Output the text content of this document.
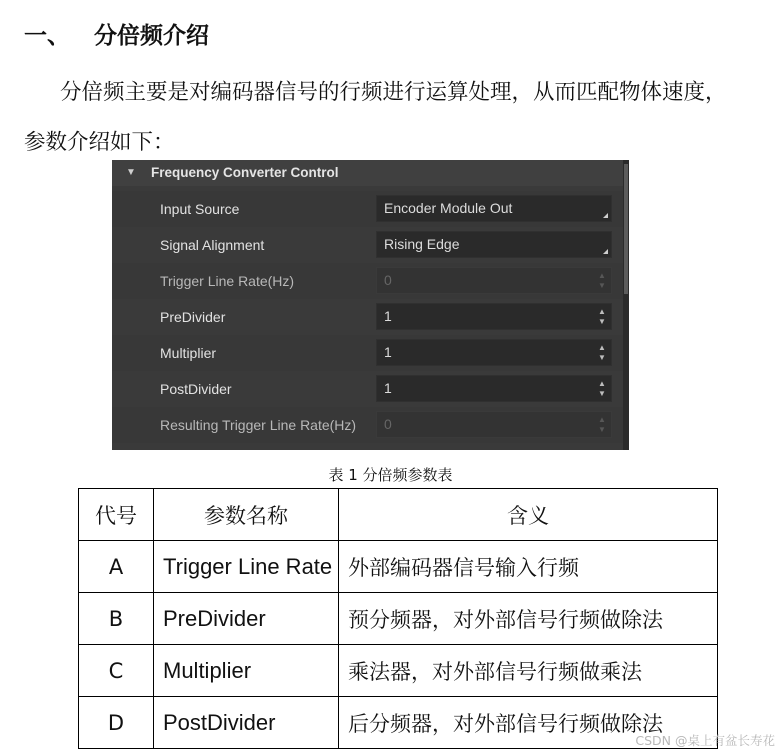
一、 分倍频介绍

分倍频主要是对编码器信号的行频进行运算处理，从而匹配物体速度，参数介绍如下：

▼ Frequency Converter Control
Input Source	Encoder Module Out
Signal Alignment	Rising Edge
Trigger Line Rate(Hz)	0	▲
▼
PreDivider	1	▲
▼
Multiplier	1	▲
▼
PostDivider	1	▲
▼
Resulting Trigger Line Rate(Hz)	0	▲
▼

表 1 分倍频参数表

代号	参数名称	含义
A	Trigger Line Rate	外部编码器信号输入行频
B	PreDivider	预分频器，对外部信号行频做除法
C	Multiplier	乘法器，对外部信号行频做乘法
D	PostDivider	后分频器，对外部信号行频做除法
CSDN @桌上有盆长寿花
